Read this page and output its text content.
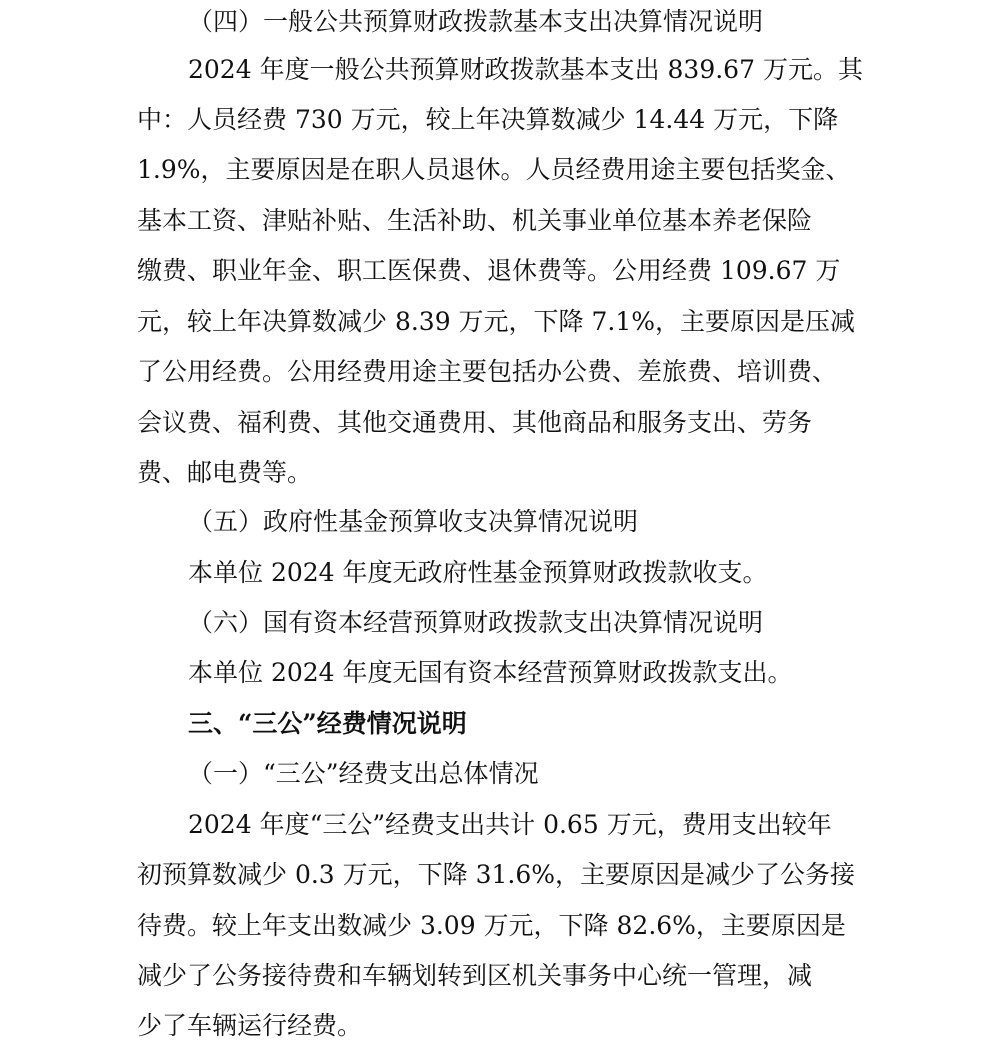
（四）一般公共预算财政拨款基本支出决算情况说明
2024 年度一般公共预算财政拨款基本支出 839.67 万元。其
中：人员经费 730 万元，较上年决算数减少 14.44 万元，下降
1.9%，主要原因是在职人员退休。人员经费用途主要包括奖金、
基本工资、津贴补贴、生活补助、机关事业单位基本养老保险
缴费、职业年金、职工医保费、退休费等。公用经费 109.67 万
元，较上年决算数减少 8.39 万元，下降 7.1%，主要原因是压减
了公用经费。公用经费用途主要包括办公费、差旅费、培训费、
会议费、福利费、其他交通费用、其他商品和服务支出、劳务
费、邮电费等。
（五）政府性基金预算收支决算情况说明
本单位 2024 年度无政府性基金预算财政拨款收支。
（六）国有资本经营预算财政拨款支出决算情况说明
本单位 2024 年度无国有资本经营预算财政拨款支出。
三、“三公”经费情况说明
（一）“三公”经费支出总体情况
2024 年度“三公”经费支出共计 0.65 万元，费用支出较年
初预算数减少 0.3 万元，下降 31.6%，主要原因是减少了公务接
待费。较上年支出数减少 3.09 万元，下降 82.6%，主要原因是
减少了公务接待费和车辆划转到区机关事务中心统一管理，减
少了车辆运行经费。
